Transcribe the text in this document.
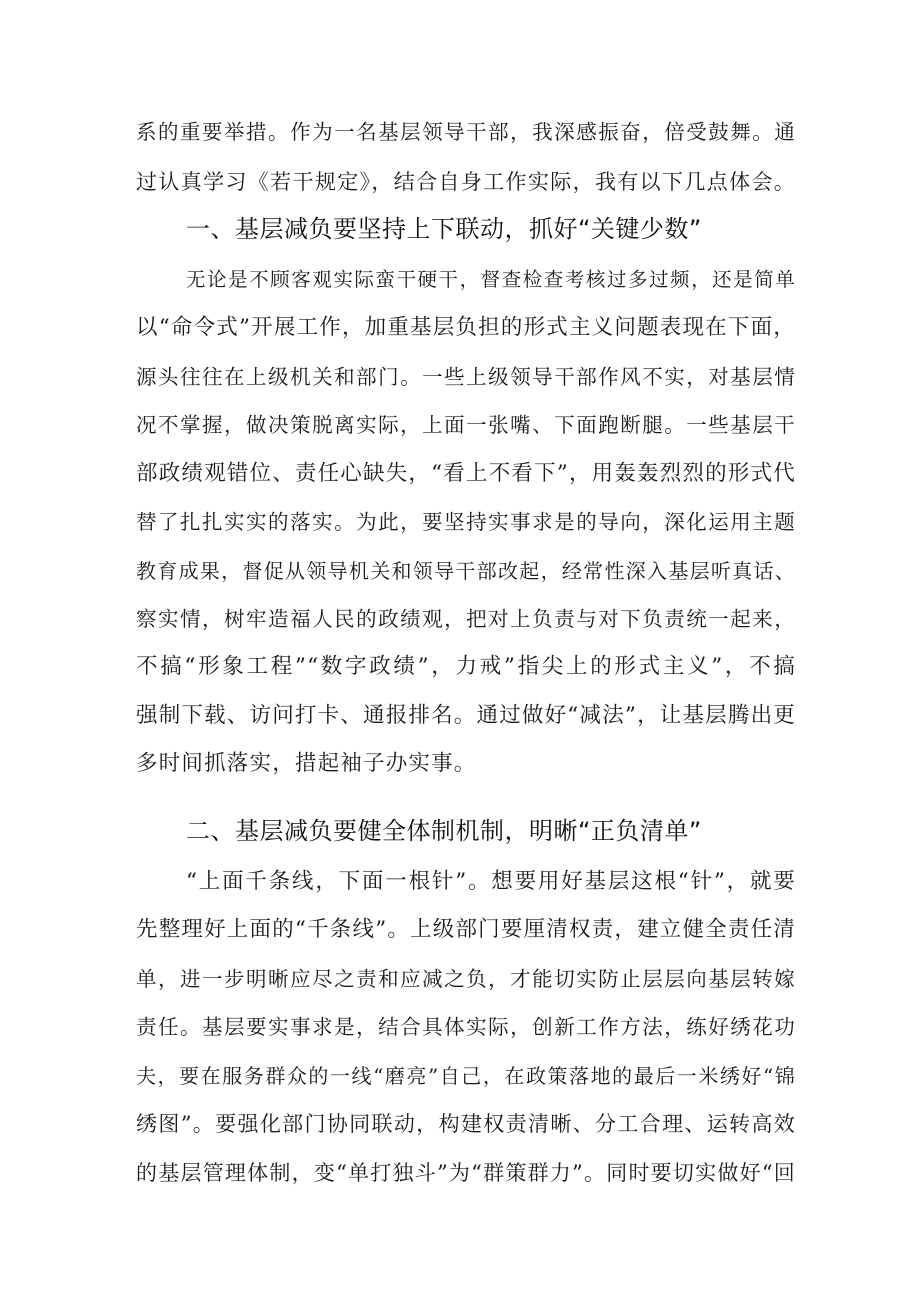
系的重要举措。作为一名基层领导干部，我深感振奋，倍受鼓舞。通
过认真学习《若干规定》，结合自身工作实际，我有以下几点体会。
一、基层减负要坚持上下联动，抓好“关键少数”
无论是不顾客观实际蛮干硬干，督查检查考核过多过频，还是简单
以“命令式”开展工作，加重基层负担的形式主义问题表现在下面，
源头往往在上级机关和部门。一些上级领导干部作风不实，对基层情
况不掌握，做决策脱离实际，上面一张嘴、下面跑断腿。一些基层干
部政绩观错位、责任心缺失，“看上不看下”，用轰轰烈烈的形式代
替了扎扎实实的落实。为此，要坚持实事求是的导向，深化运用主题
教育成果，督促从领导机关和领导干部改起，经常性深入基层听真话、
察实情，树牢造福人民的政绩观，把对上负责与对下负责统一起来，
不搞“形象工程”“数字政绩”，力戒”指尖上的形式主义”，不搞
强制下载、访问打卡、通报排名。通过做好“减法”，让基层腾出更
多时间抓落实，措起袖子办实事。
二、基层减负要健全体制机制，明晰“正负清单”
“上面千条线，下面一根针”。想要用好基层这根“针”，就要
先整理好上面的“千条线”。上级部门要厘清权责，建立健全责任清
单，进一步明晰应尽之责和应减之负，才能切实防止层层向基层转嫁
责任。基层要实事求是，结合具体实际，创新工作方法，练好绣花功
夫，要在服务群众的一线“磨亮”自己，在政策落地的最后一米绣好“锦
绣图”。要强化部门协同联动，构建权责清晰、分工合理、运转高效
的基层管理体制，变“单打独斗”为“群策群力”。同时要切实做好“回
